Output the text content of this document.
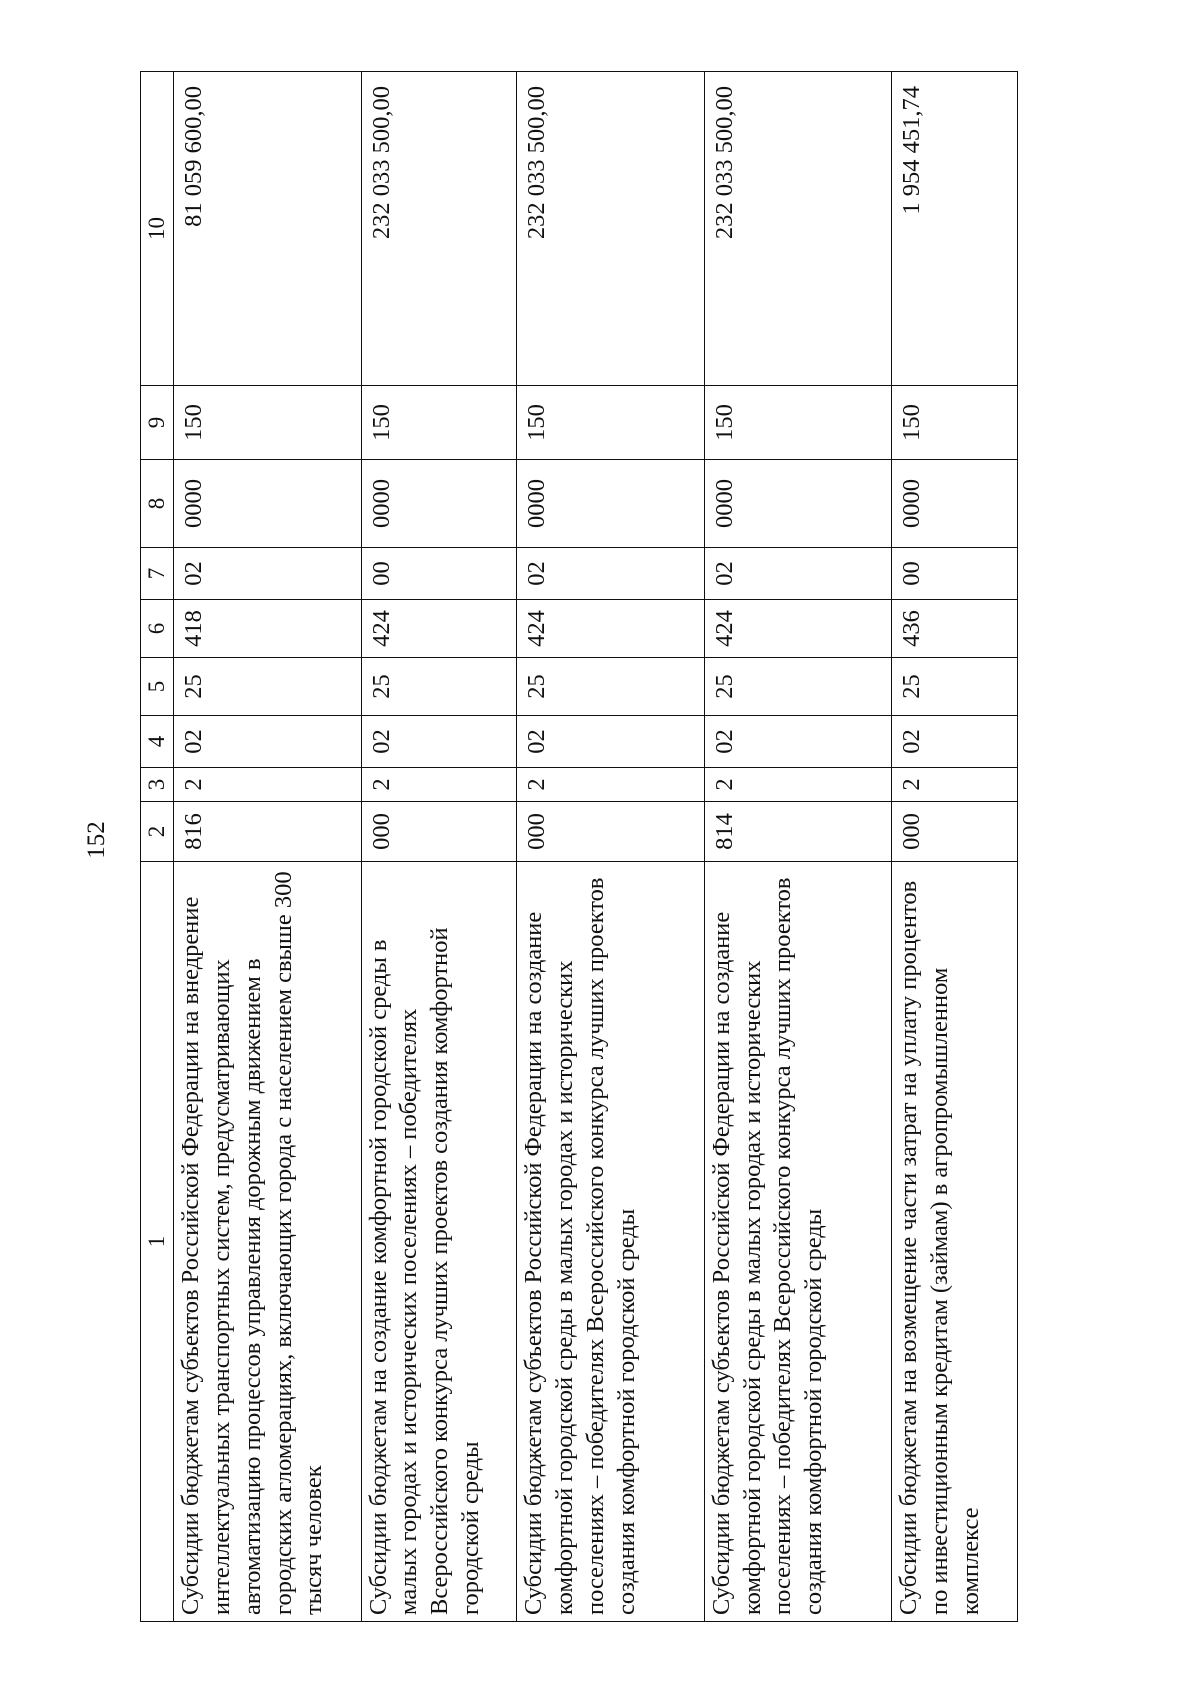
152
1	2	3	4	5	6	7	8	9	10
Субсидии бюджетам субъектов Российской Федерации на внедрение интеллектуальных транспортных систем, предусматривающих автоматизацию процессов управления дорожным движением в городских агломерациях, включающих города с населением свыше 300 тысяч человек	816	2	02	25	418	02	0000	150	81 059 600,00
Субсидии бюджетам на создание комфортной городской среды в малых городах и исторических поселениях – победителях Всероссийского конкурса лучших проектов создания комфортной городской среды	000	2	02	25	424	00	0000	150	232 033 500,00
Субсидии бюджетам субъектов Российской Федерации на создание комфортной городской среды в малых городах и исторических поселениях – победителях Всероссийского конкурса лучших проектов создания комфортной городской среды	000	2	02	25	424	02	0000	150	232 033 500,00
Субсидии бюджетам субъектов Российской Федерации на создание комфортной городской среды в малых городах и исторических поселениях – победителях Всероссийского конкурса лучших проектов создания комфортной городской среды	814	2	02	25	424	02	0000	150	232 033 500,00
Субсидии бюджетам на возмещение части затрат на уплату процентов по инвестиционным кредитам (займам) в агропромышленном комплексе	000	2	02	25	436	00	0000	150	1 954 451,74
